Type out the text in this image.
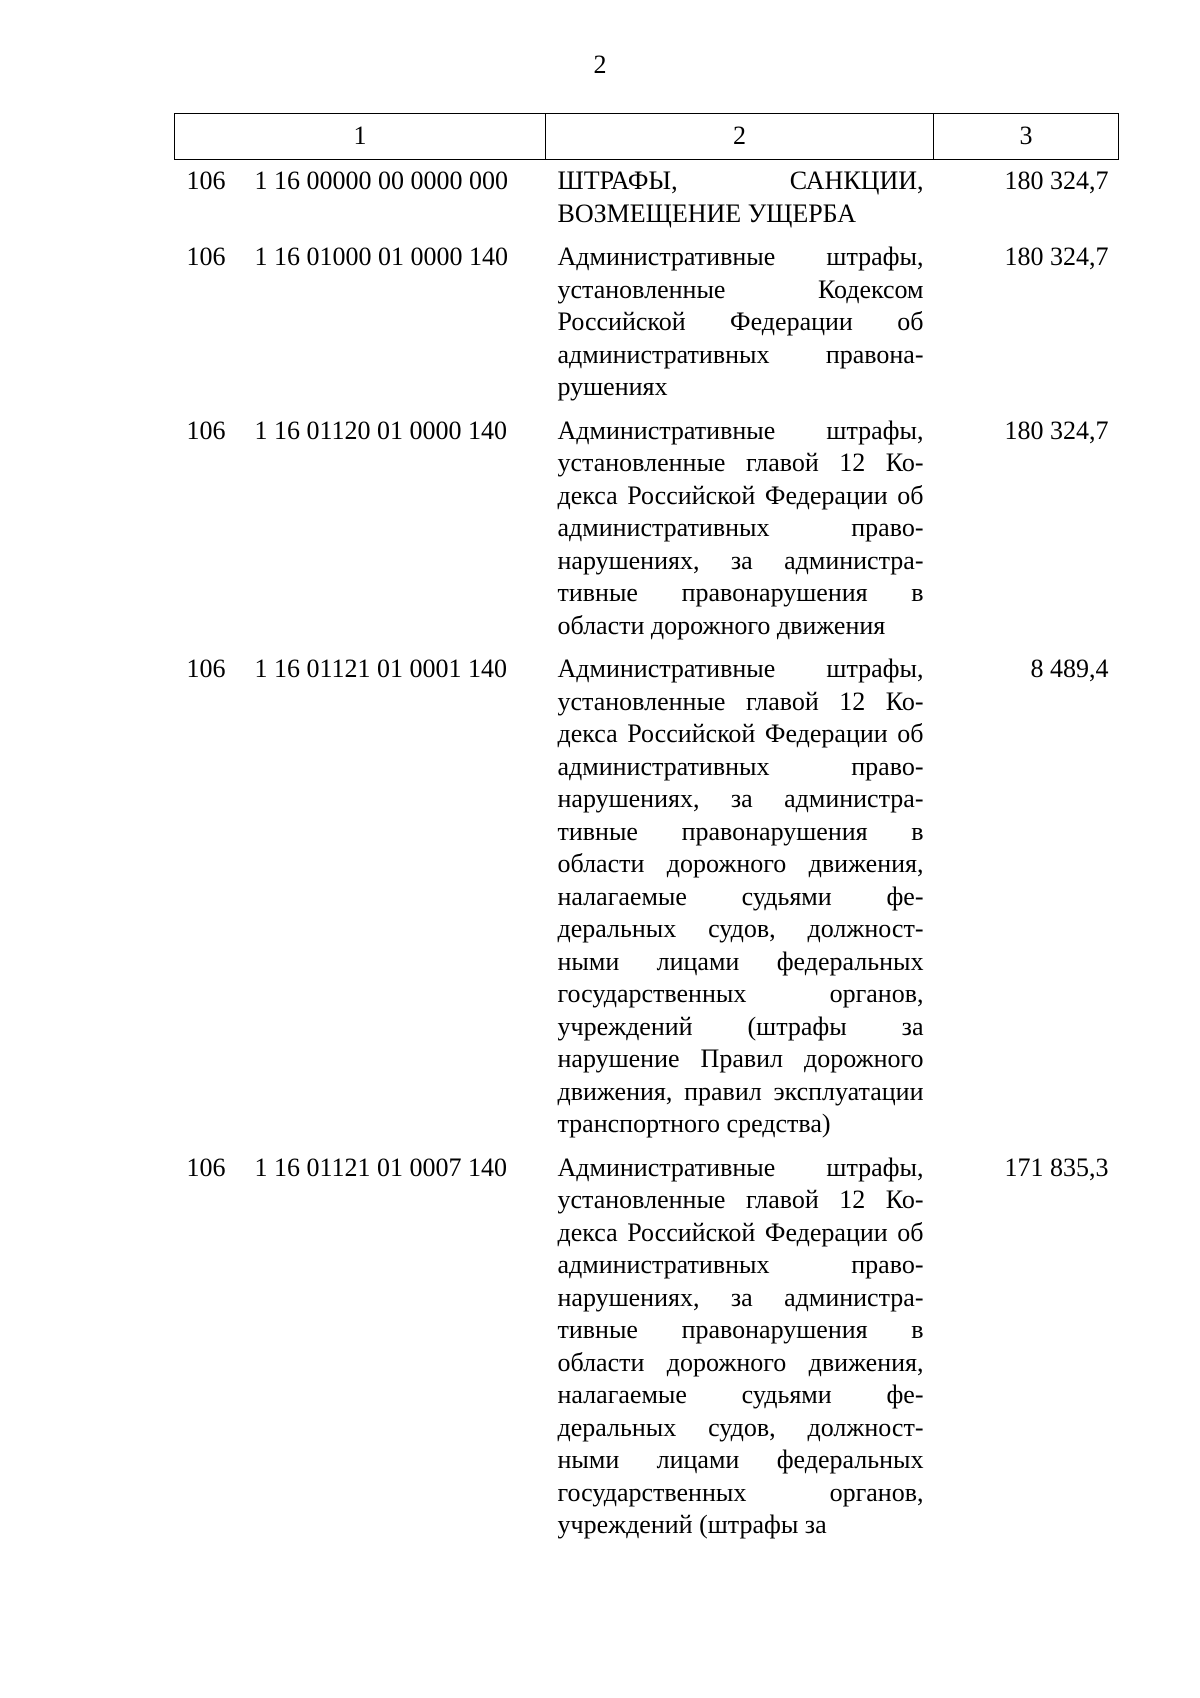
2
1	2	3
106 1 16 00000 00 0000 000	ШТРАФЫ, САНКЦИИ, ВОЗМЕЩЕНИЕ УЩЕРБА	180 324,7
106 1 16 01000 01 0000 140	Административные штрафы, установленные Кодексом Российской Федерации об административных правонарушениях	180 324,7
106 1 16 01120 01 0000 140	Административные штрафы, установленные главой 12 Кодекса Российской Федерации об административных правонарушениях, за административные правонарушения в области дорожного движения	180 324,7
106 1 16 01121 01 0001 140	Административные штрафы, установленные главой 12 Кодекса Российской Федерации об административных правонарушениях, за административные правонарушения в области дорожного движения, налагаемые судьями федеральных судов, должностными лицами федеральных государственных органов, учреждений (штрафы за нарушение Правил дорожного движения, правил эксплуатации транспортного средства)	8 489,4
106 1 16 01121 01 0007 140	Административные штрафы, установленные главой 12 Кодекса Российской Федерации об административных правонарушениях, за административные правонарушения в области дорожного движения, налагаемые судьями федеральных судов, должностными лицами федеральных государственных органов, учреждений (штрафы за	171 835,3
